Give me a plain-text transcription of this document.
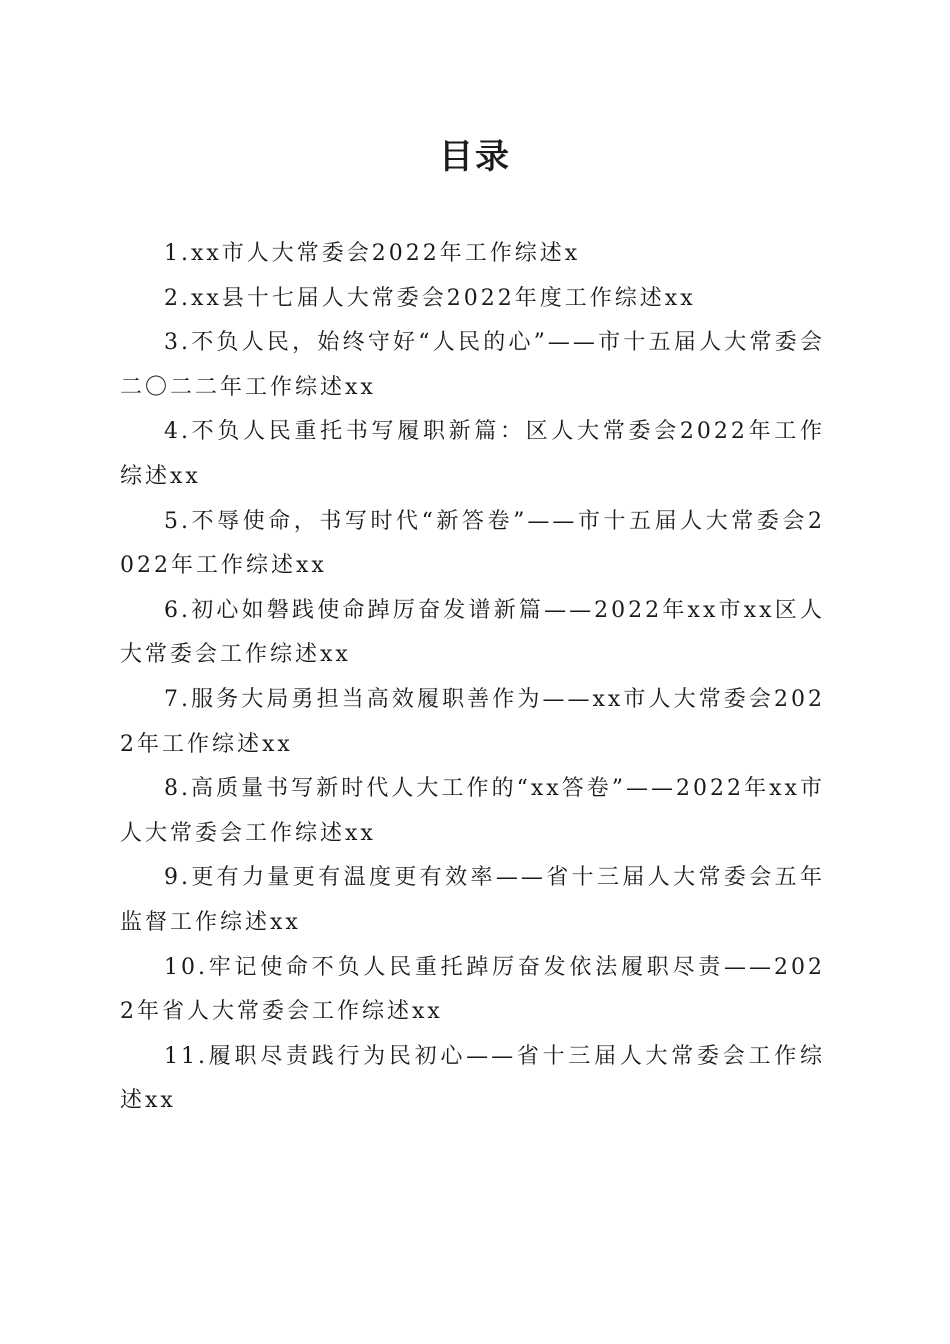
目录
1.xx市人大常委会2022年工作综述x
2.xx县十七届人大常委会2022年度工作综述xx
3.不负人民，始终守好“人民的心”——市十五届人大常委会二〇二二年工作综述xx
4.不负人民重托书写履职新篇：区人大常委会2022年工作综述xx
5.不辱使命，书写时代“新答卷”——市十五届人大常委会2022年工作综述xx
6.初心如磐践使命踔厉奋发谱新篇——2022年xx市xx区人大常委会工作综述xx
7.服务大局勇担当高效履职善作为——xx市人大常委会2022年工作综述xx
8.高质量书写新时代人大工作的“xx答卷”——2022年xx市人大常委会工作综述xx
9.更有力量更有温度更有效率——省十三届人大常委会五年监督工作综述xx
10.牢记使命不负人民重托踔厉奋发依法履职尽责——2022年省人大常委会工作综述xx
11.履职尽责践行为民初心——省十三届人大常委会工作综述xx
